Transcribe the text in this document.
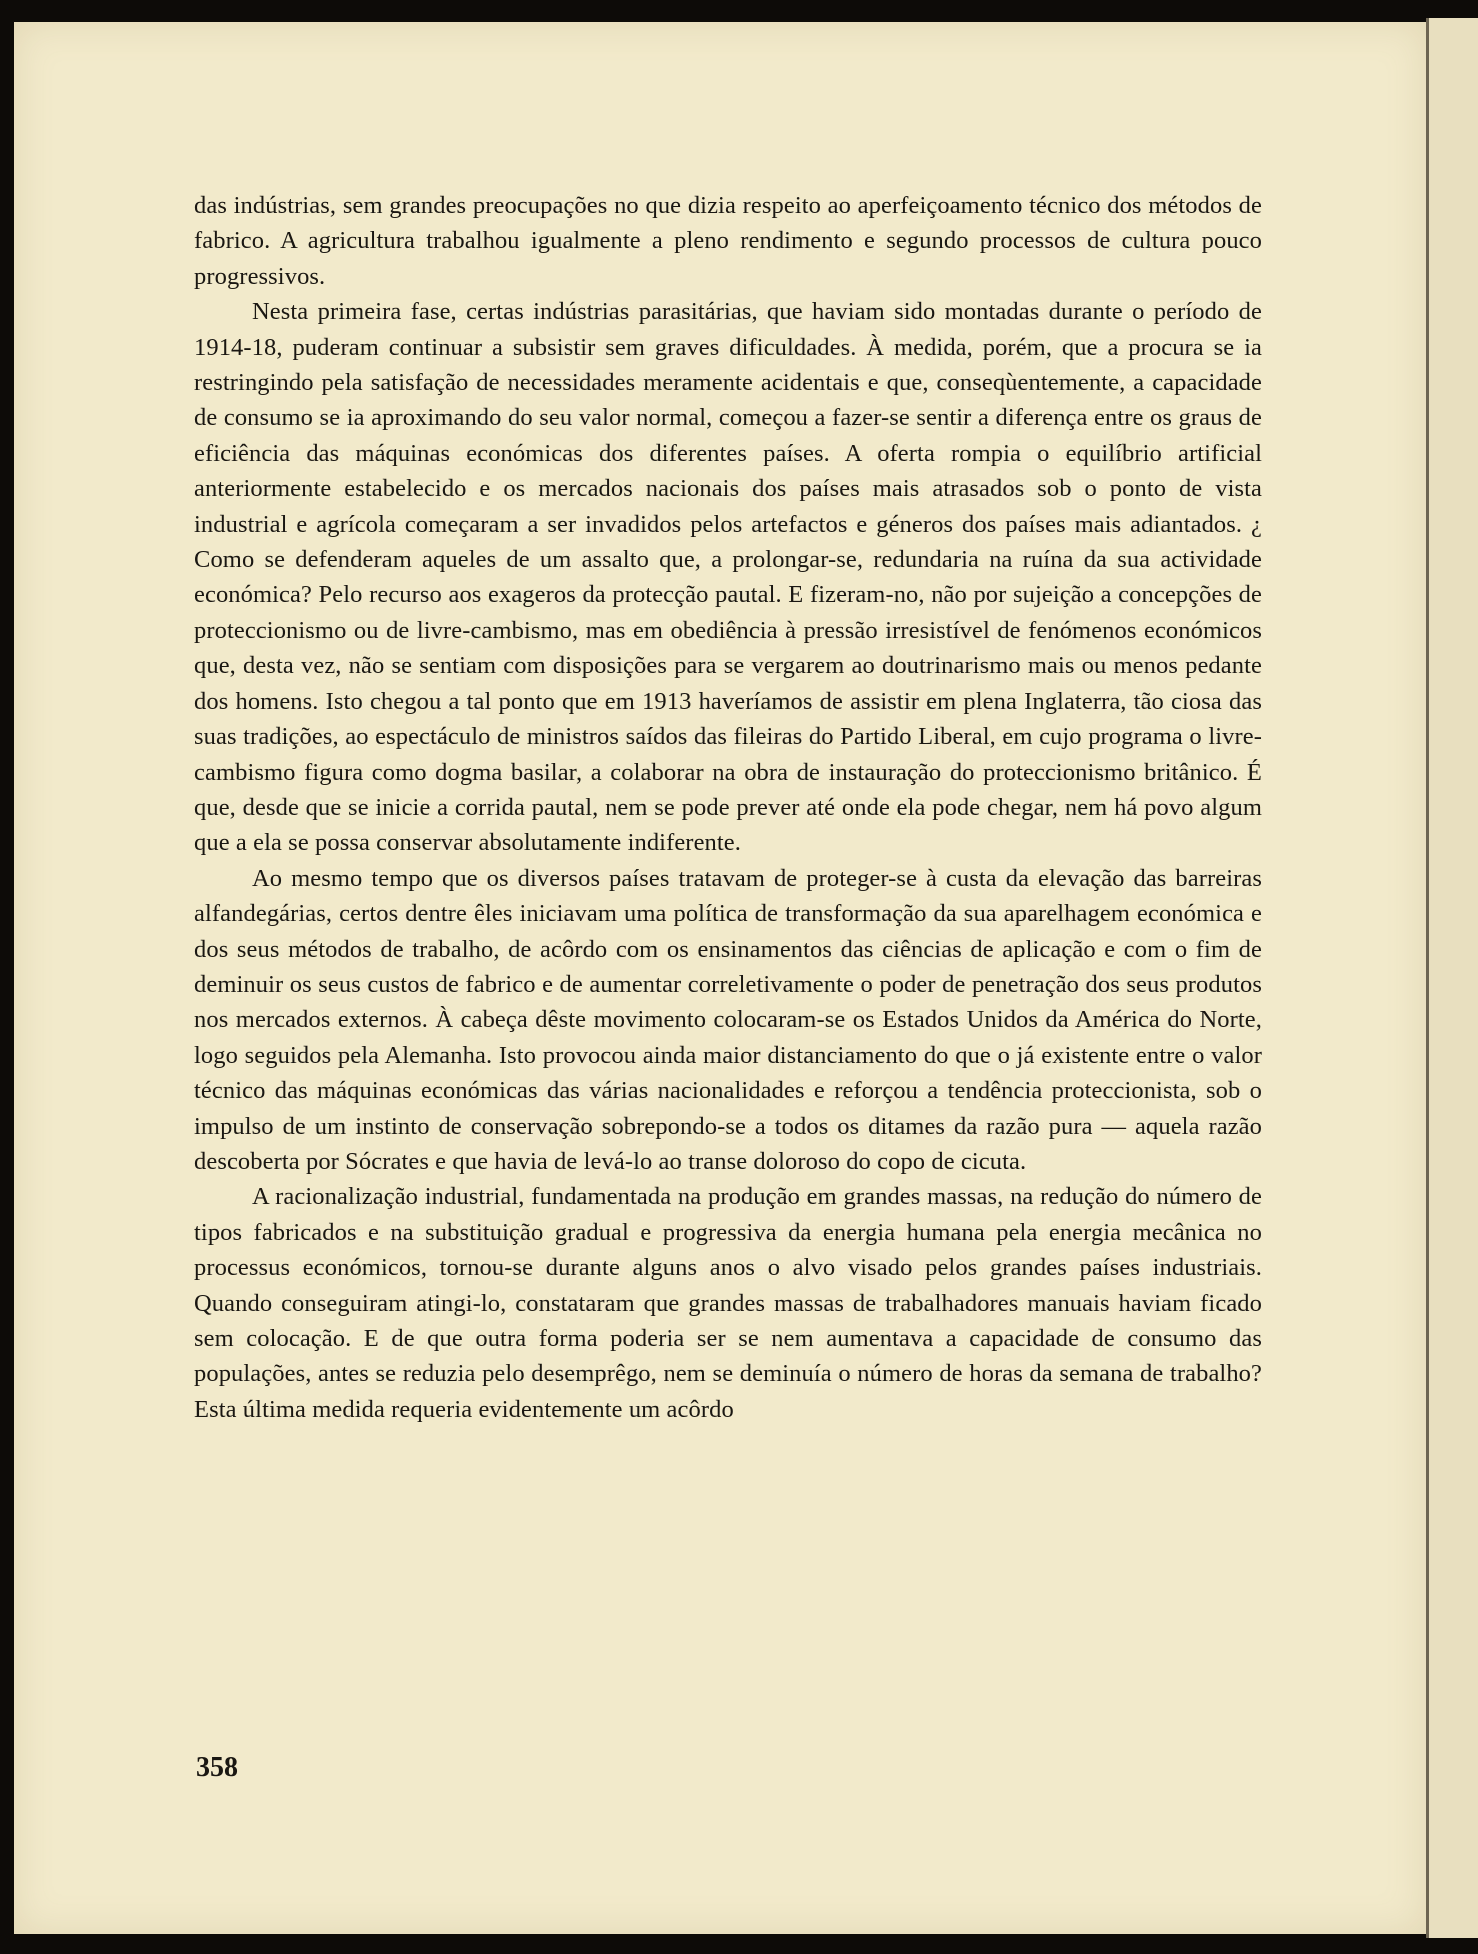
das indústrias, sem grandes preocupações no que dizia respeito ao aperfeiçoamento técnico dos métodos de fabrico. A agricultura trabalhou igualmente a pleno rendimento e segundo processos de cultura pouco progressivos.

Nesta primeira fase, certas indústrias parasitárias, que haviam sido montadas durante o período de 1914-18, puderam continuar a subsistir sem graves dificuldades. À medida, porém, que a procura se ia restringindo pela satisfação de necessidades meramente acidentais e que, conseqùentemente, a capacidade de consumo se ia aproximando do seu valor normal, começou a fazer-se sentir a diferença entre os graus de eficiência das máquinas económicas dos diferentes países. A oferta rompia o equilíbrio artificial anteriormente estabelecido e os mercados nacionais dos países mais atrasados sob o ponto de vista industrial e agrícola começaram a ser invadidos pelos artefactos e géneros dos países mais adiantados. ¿ Como se defenderam aqueles de um assalto que, a prolongar-se, redundaria na ruína da sua actividade económica? Pelo recurso aos exageros da protecção pautal. E fizeram-no, não por sujeição a concepções de proteccionismo ou de livre-cambismo, mas em obediência à pressão irresistível de fenómenos económicos que, desta vez, não se sentiam com disposições para se vergarem ao doutrinarismo mais ou menos pedante dos homens. Isto chegou a tal ponto que em 1913 haveríamos de assistir em plena Inglaterra, tão ciosa das suas tradições, ao espectáculo de ministros saídos das fileiras do Partido Liberal, em cujo programa o livre-cambismo figura como dogma basilar, a colaborar na obra de instauração do proteccionismo britânico. É que, desde que se inicie a corrida pautal, nem se pode prever até onde ela pode chegar, nem há povo algum que a ela se possa conservar absolutamente indiferente.

Ao mesmo tempo que os diversos países tratavam de proteger-se à custa da elevação das barreiras alfandegárias, certos dentre êles iniciavam uma política de transformação da sua aparelhagem económica e dos seus métodos de trabalho, de acôrdo com os ensinamentos das ciências de aplicação e com o fim de deminuir os seus custos de fabrico e de aumentar correletivamente o poder de penetração dos seus produtos nos mercados externos. À cabeça dêste movimento colocaram-se os Estados Unidos da América do Norte, logo seguidos pela Alemanha. Isto provocou ainda maior distanciamento do que o já existente entre o valor técnico das máquinas económicas das várias nacionalidades e reforçou a tendência proteccionista, sob o impulso de um instinto de conservação sobrepondo-se a todos os ditames da razão pura — aquela razão descoberta por Sócrates e que havia de levá-lo ao transe doloroso do copo de cicuta.

A racionalização industrial, fundamentada na produção em grandes massas, na redução do número de tipos fabricados e na substituição gradual e progressiva da energia humana pela energia mecânica no processus económicos, tornou-se durante alguns anos o alvo visado pelos grandes países industriais. Quando conseguiram atingi-lo, constataram que grandes massas de trabalhadores manuais haviam ficado sem colocação. E de que outra forma poderia ser se nem aumentava a capacidade de consumo das populações, antes se reduzia pelo desemprêgo, nem se deminuía o número de horas da semana de trabalho? Esta última medida requeria evidentemente um acôrdo

358
